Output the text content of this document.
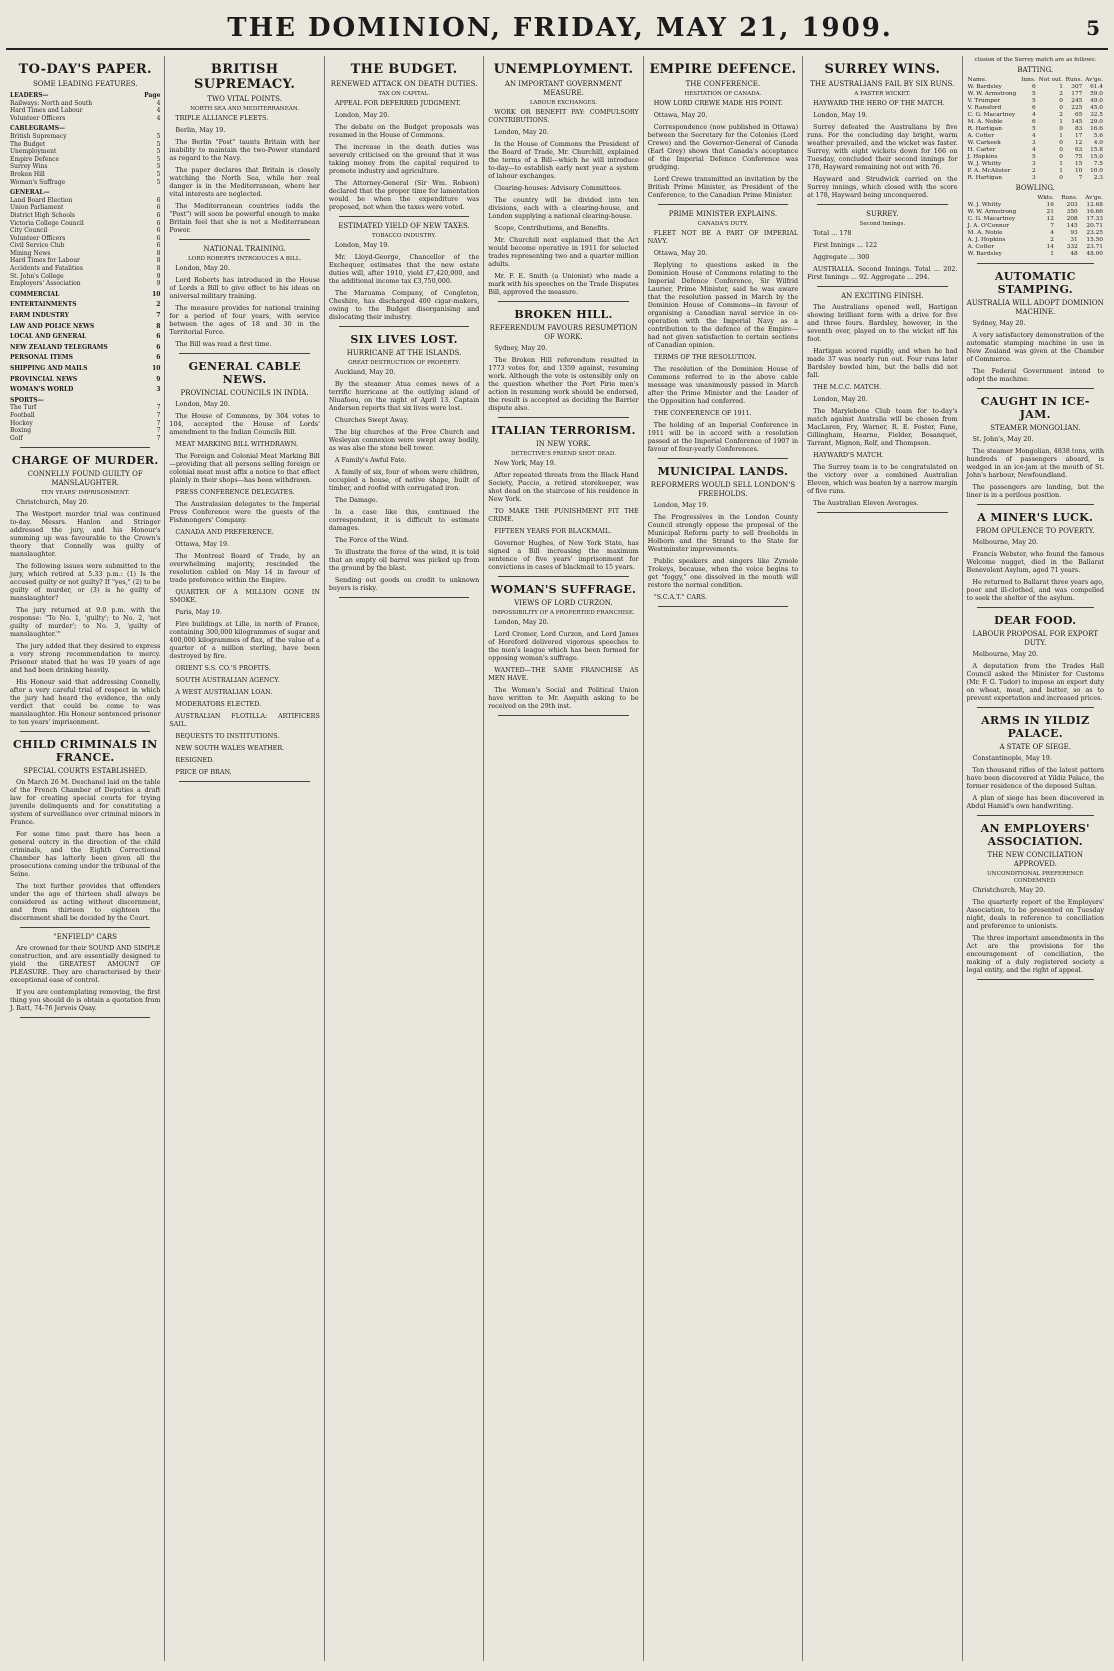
THE DOMINION, FRIDAY, MAY 21, 1909.	5
TO-DAY'S PAPER.
SOME LEADING FEATURES.
LEADERS—	Page
Railways: North and South	4
Hard Times and Labour	4
Volunteer Officers	4
CABLEGRAMS—
British Supremacy	5
The Budget	5
Unemployment	5
Empire Defence	5
Surrey Wins	5
Broken Hill	5
Woman's Suffrage	5
GENERAL—
Land Board Election	6
Union Parliament	6
District High Schools	6
Victoria College Council	6
City Council	6
Volunteer Officers	6
Civil Service Club	6
Mining News	8
Hard Times for Labour	8
Accidents and Fatalities	8
St. John's College	9
Employers' Association	9
COMMERCIAL	10
ENTERTAINMENTS	2
FARM INDUSTRY	7
LAW AND POLICE NEWS	8
LOCAL AND GENERAL	6
NEW ZEALAND TELEGRAMS	6
PERSONAL ITEMS	6
SHIPPING AND MAILS	10
PROVINCIAL NEWS	9
WOMAN'S WORLD	3
SPORTS—
The Turf	7
Football	7
Hockey	7
Boxing	7
Golf	7
CHARGE OF MURDER.
CONNELLY FOUND GUILTY OF MANSLAUGHTER.
TEN YEARS' IMPRISONMENT.

Christchurch, May 20.

The Westport murder trial was continued to-day. Messrs. Hanlon and Stringer addressed the jury, and his Honour's summing up was favourable to the Crown's theory that Connelly was guilty of manslaughter.

The following issues were submitted to the jury, which retired at 5.33 p.m.: (1) Is the accused guilty or not guilty? If "yes," (2) to be guilty of murder, or (3) is he guilty of manslaughter?

The jury returned at 9.0 p.m. with the response: "To No. 1, 'guilty'; to No. 2, 'not guilty of murder'; to No. 3, 'guilty of manslaughter.'"

The jury added that they desired to express a very strong recommendation to mercy. Prisoner stated that he was 19 years of age and had been drinking heavily.

His Honour said that addressing Connelly, after a very careful trial of respect in which the jury had heard the evidence, the only verdict that could be come to was manslaughter. His Honour sentenced prisoner to ten years' imprisonment.

CHILD CRIMINALS IN FRANCE.
SPECIAL COURTS ESTABLISHED.

On March 26 M. Deschanel laid on the table of the French Chamber of Deputies a draft law for creating special courts for trying juvenile delinquents and for constituting a system of surveillance over criminal minors in France.

For some time past there has been a general outcry in the direction of the child criminals, and the Eighth Correctional Chamber has latterly been given all the prosecutions coming under the tribunal of the Seine.

The text further provides that offenders under the age of thirteen shall always be considered as acting without discernment, and from thirteen to eighteen the discernment shall be decided by the Court.

"ENFIELD" CARS

Are crowned for their SOUND AND SIMPLE construction, and are essentially designed to yield the GREATEST AMOUNT OF PLEASURE. They are characterised by their exceptional ease of control.

If you are contemplating removing, the first thing you should do is obtain a quotation from J. Ratt, 74-76 Jervois Quay.

BRITISH SUPREMACY.
TWO VITAL POINTS.
NORTH SEA AND MEDITERRANEAN.

TRIPLE ALLIANCE FLEETS.

Berlin, May 19.

The Berlin "Post" taunts Britain with her inability to maintain the two-Power standard as regard to the Navy.

The paper declares that Britain is closely watching the North Sea, while her real danger is in the Mediterranean, where her vital interests are neglected.

The Mediterranean countries (adds the "Post") will soon be powerful enough to make Britain feel that she is not a Mediterranean Power.

NATIONAL TRAINING.
LORD ROBERTS INTRODUCES A BILL.

London, May 20.

Lord Roberts has introduced in the House of Lords a Bill to give effect to his ideas on universal military training.

The measure provides for national training for a period of four years, with service between the ages of 18 and 30 in the Territorial Force.

The Bill was read a first time.

GENERAL CABLE NEWS.
PROVINCIAL COUNCILS IN INDIA.

London, May 20.

The House of Commons, by 304 votes to 104, accepted the House of Lords' amendment to the Indian Councils Bill.

MEAT MARKING BILL WITHDRAWN.

The Foreign and Colonial Meat Marking Bill—providing that all persons selling foreign or colonial meat must affix a notice to that effect plainly in their shops—has been withdrawn.

PRESS CONFERENCE DELEGATES.

The Australasian delegates to the Imperial Press Conference were the guests of the Fishmongers' Company.

CANADA AND PREFERENCE.

Ottawa, May 19.

The Montreal Board of Trade, by an overwhelming majority, rescinded the resolution cabled on May 14 in favour of trade preference within the Empire.

QUARTER OF A MILLION GONE IN SMOKE.

Paris, May 19.

Fire buildings at Lille, in north of France, containing 300,000 kilogrammes of sugar and 400,000 kilogrammes of flax, of the value of a quarter of a million sterling, have been destroyed by fire.

ORIENT S.S. CO.'S PROFITS.

SOUTH AUSTRALIAN AGENCY.

A WEST AUSTRALIAN LOAN.

MODERATORS ELECTED.

AUSTRALIAN FLOTILLA: ARTIFICERS SAIL.

BEQUESTS TO INSTITUTIONS.

NEW SOUTH WALES WEATHER.

RESIGNED.

PRICE OF BRAN.

THE BUDGET.
RENEWED ATTACK ON DEATH DUTIES.
TAX ON CAPITAL.

APPEAL FOR DEFERRED JUDGMENT.

London, May 20.

The debate on the Budget proposals was resumed in the House of Commons.

The increase in the death duties was severely criticised on the ground that it was taking money from the capital required to promote industry and agriculture.

The Attorney-General (Sir Wm. Robson) declared that the proper time for lamentation would be when the expenditure was proposed, not when the taxes were voted.

ESTIMATED YIELD OF NEW TAXES.
TOBACCO INDUSTRY.

London, May 19.

Mr. Lloyd-George, Chancellor of the Exchequer, estimates that the new estate duties will, after 1910, yield £7,420,000, and the additional income tax £3,750,000.

The Maruama Company, of Congleton, Cheshire, has discharged 400 cigar-makers, owing to the Budget disorganising and dislocating their industry.

SIX LIVES LOST.
HURRICANE AT THE ISLANDS.
GREAT DESTRUCTION OF PROPERTY.

Auckland, May 20.

By the steamer Atua comes news of a terrific hurricane at the outlying island of Niuafoou, on the night of April 13. Captain Anderson reports that six lives were lost.

Churches Swept Away.

The big churches of the Free Church and Wesleyan connexion were swept away bodily, as was also the stone bell tower.

A Family's Awful Fate.

A family of six, four of whom were children, occupied a house, of native shape, built of timber, and roofed with corrugated iron.

The Damage.

In a case like this, continued the correspondent, it is difficult to estimate damages.

The Force of the Wind.

To illustrate the force of the wind, it is told that an empty oil barrel was picked up from the ground by the blast.

Sending out goods on credit to unknown buyers is risky.

UNEMPLOYMENT.
AN IMPORTANT GOVERNMENT MEASURE.
LABOUR EXCHANGES.

WORK OR BENEFIT PAY: COMPULSORY CONTRIBUTIONS.

London, May 20.

In the House of Commons the President of the Board of Trade, Mr. Churchill, explained the terms of a Bill—which he will introduce to-day—to establish early next year a system of labour exchanges.

Clearing-houses: Advisory Committees.

The country will be divided into ten divisions, each with a clearing-house, and London supplying a national clearing-house.

Scope, Contributions, and Benefits.

Mr. Churchill next explained that the Act would become operative in 1911 for selected trades representing two and a quarter million adults.

Mr. F. E. Smith (a Unionist) who made a mark with his speeches on the Trade Disputes Bill, approved the measure.

BROKEN HILL.
REFERENDUM FAVOURS RESUMPTION OF WORK.

Sydney, May 20.

The Broken Hill referendum resulted in 1773 votes for, and 1359 against, resuming work. Although the vote is ostensibly only on the question whether the Port Pirie men's action in resuming work should be endorsed, the result is accepted as deciding the Barrier dispute also.

ITALIAN TERRORISM.
IN NEW YORK.
DETECTIVE'S FRIEND SHOT DEAD.

New York, May 19.

After repeated threats from the Black Hand Society, Puccio, a retired storekeeper, was shot dead on the staircase of his residence in New York.

TO MAKE THE PUNISHMENT FIT THE CRIME.

FIFTEEN YEARS FOR BLACKMAIL.

Governor Hughes, of New York State, has signed a Bill increasing the maximum sentence of five years' imprisonment for convictions in cases of blackmail to 15 years.

WOMAN'S SUFFRAGE.
VIEWS OF LORD CURZON.
IMPOSSIBILITY OF A PROPERTIED FRANCHISE.

London, May 20.

Lord Cromer, Lord Curzon, and Lord James of Hereford delivered vigorous speeches to the men's league which has been formed for opposing woman's suffrage.

WANTED—THE SAME FRANCHISE AS MEN HAVE.

The Women's Social and Political Union have written to Mr. Asquith asking to be received on the 29th inst.

EMPIRE DEFENCE.
THE CONFERENCE.
HESITATION OF CANADA.

HOW LORD CREWE MADE HIS POINT.

Ottawa, May 20.

Correspondence (now published in Ottawa) between the Secretary for the Colonies (Lord Crewe) and the Governor-General of Canada (Earl Grey) shows that Canada's acceptance of the Imperial Defence Conference was grudging.

Lord Crewe transmitted an invitation by the British Prime Minister, as President of the Conference, to the Canadian Prime Minister.

PRIME MINISTER EXPLAINS.
CANADA'S DUTY.

FLEET NOT BE A PART OF IMPERIAL NAVY.

Ottawa, May 20.

Replying to questions asked in the Dominion House of Commons relating to the Imperial Defence Conference, Sir Wilfrid Laurier, Prime Minister, said he was aware that the resolution passed in March by the Dominion House of Commons—in favour of organising a Canadian naval service in co-operation with the Imperial Navy as a contribution to the defence of the Empire—had not given satisfaction to certain sections of Canadian opinion.

TERMS OF THE RESOLUTION.

The resolution of the Dominion House of Commons referred to in the above cable message was unanimously passed in March after the Prime Minister and the Leader of the Opposition had conferred.

THE CONFERENCE OF 1911.

The holding of an Imperial Conference in 1911 will be in accord with a resolution passed at the Imperial Conference of 1907 in favour of four-yearly Conferences.

MUNICIPAL LANDS.
REFORMERS WOULD SELL LONDON'S FREEHOLDS.

London, May 19.

The Progressives in the London County Council strongly oppose the proposal of the Municipal Reform party to sell freeholds in Holborn and the Strand to the State for Westminster improvements.

Public speakers and singers like Zymole Trokeys, because, when the voice begins to get "foggy," one dissolved in the mouth will restore the normal condition.

"S.C.A.T." CARS.

SURREY WINS.
THE AUSTRALIANS FAIL BY SIX RUNS.
A FASTER WICKET.

HAYWARD THE HERO OF THE MATCH.

London, May 19.

Surrey defeated the Australians by five runs. For the concluding day bright, warm weather prevailed, and the wicket was faster. Surrey, with eight wickets down for 166 on Tuesday, concluded their second innings for 178, Hayward remaining not out with 76.

Hayward and Strudwick carried on the Surrey innings, which closed with the score at 178, Hayward being unconquered.

SURREY.
Second Innings.

Total ... 178

First Innings ... 122

Aggregate ... 300

AUSTRALIA. Second Innings. Total ... 202. First Innings ... 92. Aggregate ... 294.

AN EXCITING FINISH.

The Australians opened well, Hartigan showing brilliant form with a drive for five and three fours. Bardsley, however, in the seventh over, played on to the wicket off his foot.

Hartigan scored rapidly, and when he had made 37 was nearly run out. Four runs later Bardsley bowled him, but the balls did not fall.

THE M.C.C. MATCH.

London, May 20.

The Marylebone Club team for to-day's match against Australia will be chosen from MacLaren, Fry, Warner, R. E. Foster, Fane, Gillingham, Hearne, Fielder, Bosanquet, Tarrant, Mignon, Relf, and Thompson.

HAYWARD'S MATCH.

The Surrey team is to be congratulated on the victory over a combined Australian Eleven, which was beaten by a narrow margin of five runs.

The Australian Eleven Averages.

clusion of the Surrey match are as follows:
BATTING.
Name.	Inns.	Not out.	Runs.	Av'ge.
W. Bardsley	6	1	307	61.4
W. W. Armstrong	5	2	177	59.0
V. Trumper	5	0	245	49.0
V. Ransford	6	0	225	45.0
C. G. Macartney	4	2	65	32.5
M. A. Noble	6	1	145	29.0
R. Hartigan	5	0	83	16.6
A. Cotter	4	1	17	5.6
W. Carkeek	3	0	12	4.0
H. Carter	4	0	63	15.8
J. Hopkins	5	0	75	15.0
W. J. Whitty	3	1	15	7.5
P. A. McAlister	2	1	10	10.0
R. Hartigan	3	0	7	2.3
BOWLING.
	Wkts.	Runs.	Av'ge.
W. J. Whitty	16	203	12.68
W. W. Armstrong	21	350	16.66
C. G. Macartney	12	208	17.33
J. A. O'Connor	7	145	20.71
M. A. Noble	4	93	23.25
A. J. Hopkins	2	31	15.50
A. Cotter	14	332	23.71
W. Bardsley	1	48	48.00
AUTOMATIC STAMPING.
AUSTRALIA WILL ADOPT DOMINION MACHINE.

Sydney, May 20.

A very satisfactory demonstration of the automatic stamping machine in use in New Zealand was given at the Chamber of Commerce.

The Federal Government intend to adopt the machine.

CAUGHT IN ICE-JAM.
STEAMER MONGOLIAN.

St. John's, May 20.

The steamer Mongolian, 4838 tons, with hundreds of passengers aboard, is wedged in an ice-jam at the mouth of St. John's harbour, Newfoundland.

The passengers are landing, but the liner is in a perilous position.

A MINER'S LUCK.
FROM OPULENCE TO POVERTY.

Melbourne, May 20.

Francis Webster, who found the famous Welcome nugget, died in the Ballarat Benevolent Asylum, aged 71 years.

He returned to Ballarat three years ago, poor and ill-clothed, and was compelled to seek the shelter of the asylum.

DEAR FOOD.
LABOUR PROPOSAL FOR EXPORT DUTY.

Melbourne, May 20.

A deputation from the Trades Hall Council asked the Minister for Customs (Mr. F. G. Tudor) to impose an export duty on wheat, meat, and butter, so as to prevent exportation and increased prices.

ARMS IN YILDIZ PALACE.
A STATE OF SIEGE.

Constantinople, May 19.

Ten thousand rifles of the latest pattern have been discovered at Yildiz Palace, the former residence of the deposed Sultan.

A plan of siege has been discovered in Abdul Hamid's own handwriting.

AN EMPLOYERS' ASSOCIATION.
THE NEW CONCILIATION APPROVED.
UNCONDITIONAL PREFERENCE CONDEMNED.

Christchurch, May 20.

The quarterly report of the Employers' Association, to be presented on Tuesday night, deals in reference to conciliation and preference to unionists.

The three important amendments in the Act are the provisions for the encouragement of conciliation, the making of a duly registered society a legal entity, and the right of appeal.
